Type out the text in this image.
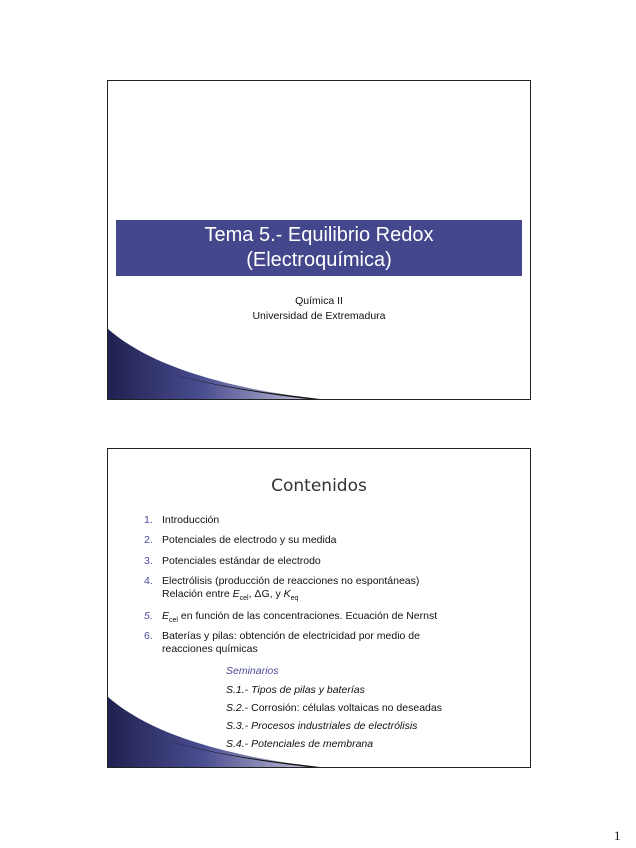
Tema 5.- Equilibrio Redox
(Electroquímica)
Química II
Universidad de Extremadura
Contenidos
1. Introducción
2. Potenciales de electrodo y su medida
3. Potenciales estándar de electrodo
4. Electrólisis (producción de reacciones no espontáneas)
Relación entre $E_{cel}$, ΔG, y $K_{eq}$
5. $E_{cel}$ en función de las concentraciones. Ecuación de Nernst
6. Baterías y pilas: obtención de electricidad por medio de
reacciones químicas
Seminarios
S.1.- Tipos de pilas y baterías
S.2.- Corrosión: células voltaicas no deseadas
S.3.- Procesos industriales de electrólisis
S.4.- Potenciales de membrana
1
